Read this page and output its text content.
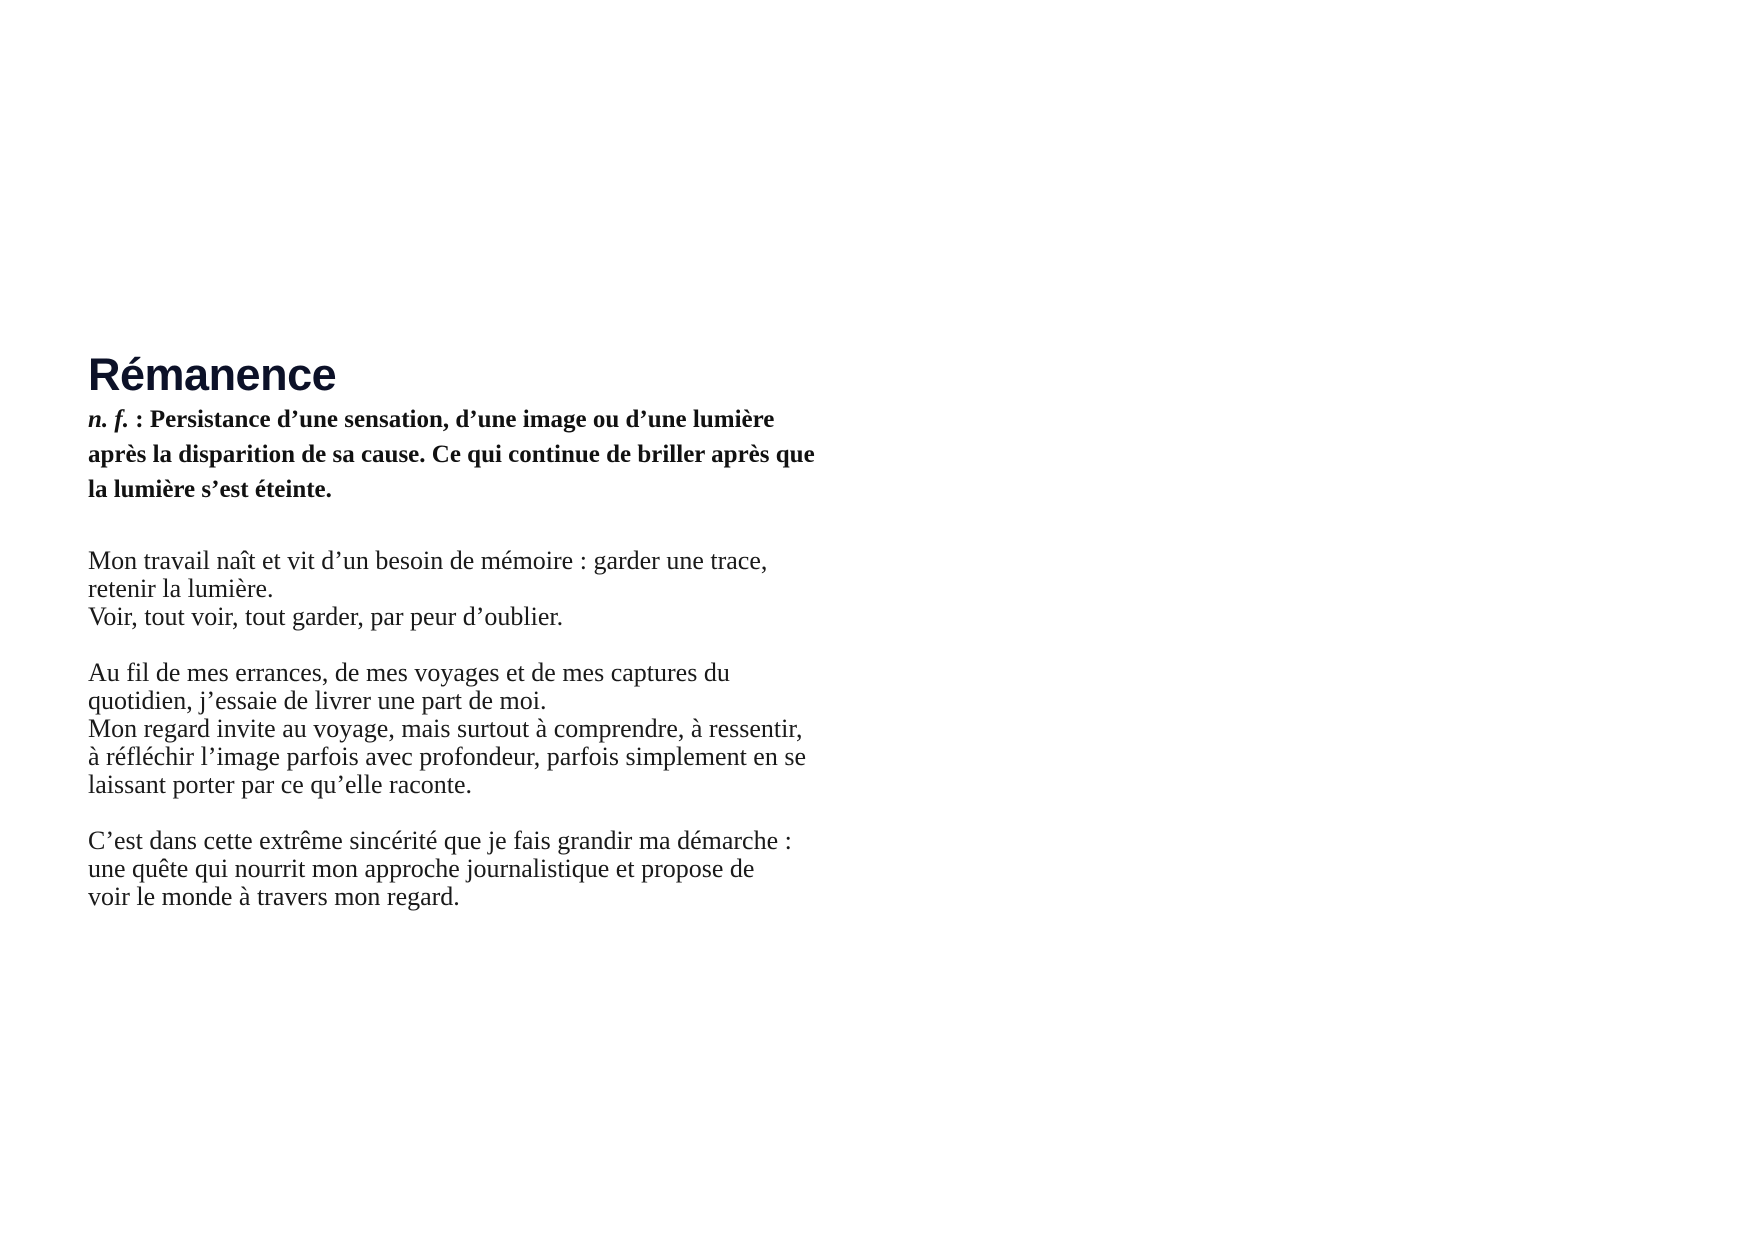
Rémanence

n. f. : Persistance d’une sensation, d’une image ou d’une lumière
après la disparition de sa cause. Ce qui continue de briller après que
la lumière s’est éteinte.

Mon travail naît et vit d’un besoin de mémoire : garder une trace,
retenir la lumière.
Voir, tout voir, tout garder, par peur d’oublier.

Au fil de mes errances, de mes voyages et de mes captures du
quotidien, j’essaie de livrer une part de moi.
Mon regard invite au voyage, mais surtout à comprendre, à ressentir,
à réfléchir l’image parfois avec profondeur, parfois simplement en se
laissant porter par ce qu’elle raconte.

C’est dans cette extrême sincérité que je fais grandir ma démarche :
une quête qui nourrit mon approche journalistique et propose de
voir le monde à travers mon regard.
